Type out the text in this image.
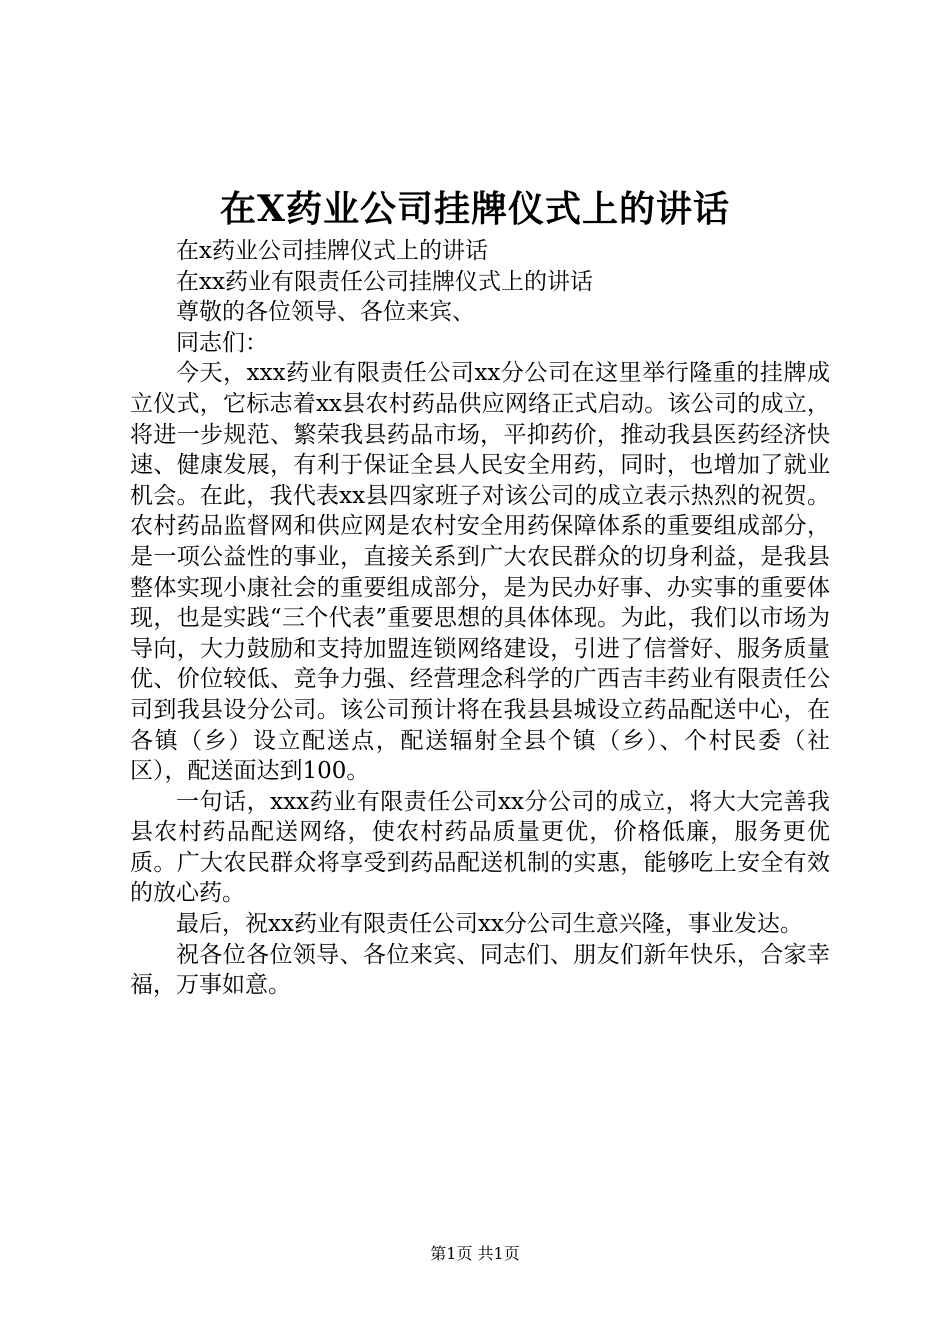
在X药业公司挂牌仪式上的讲话

在x药业公司挂牌仪式上的讲话

在xx药业有限责任公司挂牌仪式上的讲话

尊敬的各位领导、各位来宾、

同志们：

今天，xxx药业有限责任公司xx分公司在这里举行隆重的挂牌成立仪式，它标志着xx县农村药品供应网络正式启动。该公司的成立，将进一步规范、繁荣我县药品市场，平抑药价，推动我县医药经济快速、健康发展，有利于保证全县人民安全用药，同时，也增加了就业机会。在此，我代表xx县四家班子对该公司的成立表示热烈的祝贺。农村药品监督网和供应网是农村安全用药保障体系的重要组成部分，是一项公益性的事业，直接关系到广大农民群众的切身利益，是我县整体实现小康社会的重要组成部分，是为民办好事、办实事的重要体现，也是实践“三个代表”重要思想的具体体现。为此，我们以市场为导向，大力鼓励和支持加盟连锁网络建设，引进了信誉好、服务质量优、价位较低、竞争力强、经营理念科学的广西吉丰药业有限责任公司到我县设分公司。该公司预计将在我县县城设立药品配送中心，在各镇（乡）设立配送点，配送辐射全县个镇（乡）、个村民委（社区），配送面达到100。

一句话，xxx药业有限责任公司xx分公司的成立，将大大完善我县农村药品配送网络，使农村药品质量更优，价格低廉，服务更优质。广大农民群众将享受到药品配送机制的实惠，能够吃上安全有效的放心药。

最后，祝xx药业有限责任公司xx分公司生意兴隆，事业发达。

祝各位各位领导、各位来宾、同志们、朋友们新年快乐，合家幸福，万事如意。

第1页 共1页
